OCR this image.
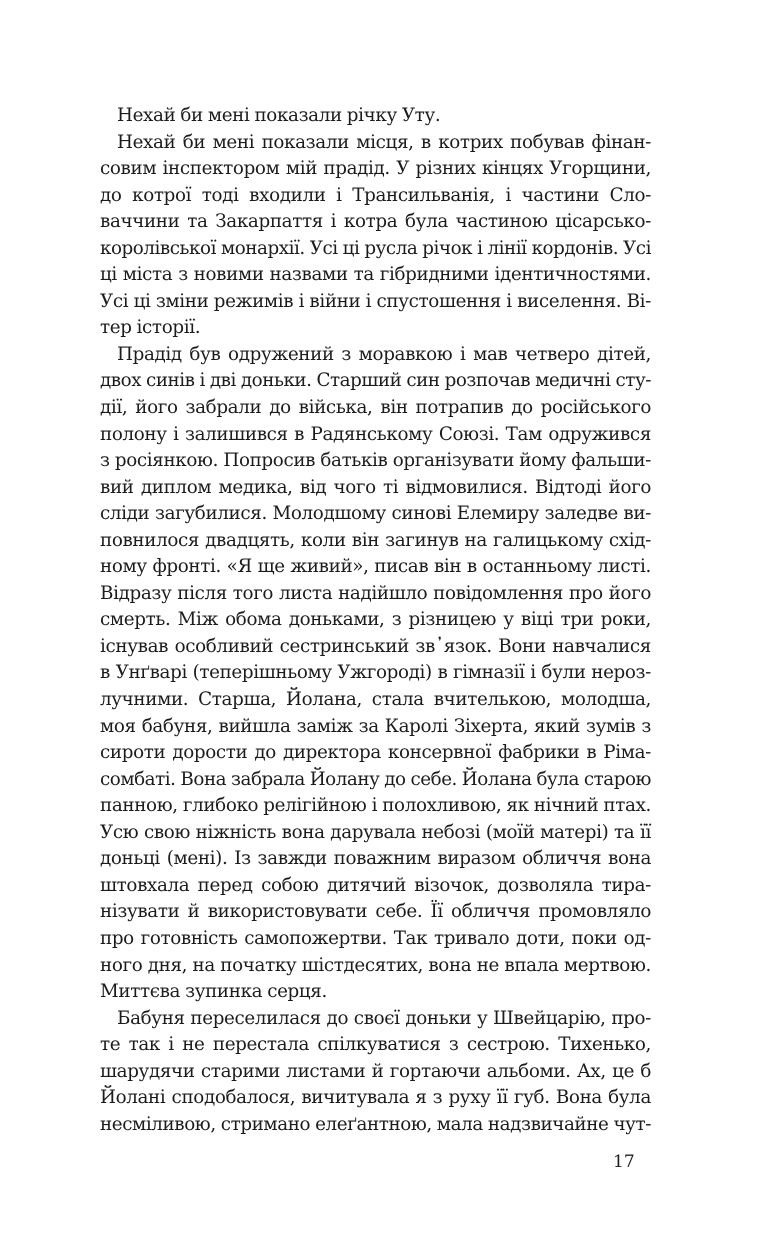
Нехай би мені показали річку Уту.
Нехай би мені показали місця, в котрих побував фінан-
совим інспектором мій прадід. У різних кінцях Угорщини,
до котрої тоді входили і Трансильванія, і частини Сло-
ваччини та Закарпаття і котра була частиною цісарсько-
королівської монархії. Усі ці русла річок і лінії кордонів. Усі
ці міста з новими назвами та гібридними ідентичностями.
Усі ці зміни режимів і війни і спустошення і виселення. Ві-
тер історії.
Прадід був одружений з моравкою і мав четверо дітей,
двох синів і дві доньки. Старший син розпочав медичні сту-
дії, його забрали до війська, він потрапив до російського
полону і залишився в Радянському Союзі. Там одружився
з росіянкою. Попросив батьків організувати йому фальши-
вий диплом медика, від чого ті відмовилися. Відтоді його
сліди загубилися. Молодшому синові Елемиру заледве ви-
повнилося двадцять, коли він загинув на галицькому схід-
ному фронті. «Я ще живий», писав він в останньому листі.
Відразу після того листа надійшло повідомлення про його
смерть. Між обома доньками, з різницею у віці три роки,
існував особливий сестринський зв᾽язок. Вони навчалися
в Унґварі (теперішньому Ужгороді) в гімназії і були нероз-
лучними. Старша, Йолана, стала вчителькою, молодша,
моя бабуня, вийшла заміж за Каролі Зіхерта, який зумів з
сироти дорости до директора консервної фабрики в Ріма-
сомбаті. Вона забрала Йолану до себе. Йолана була старою
панною, глибоко релігійною і полохливою, як нічний птах.
Усю свою ніжність вона дарувала небозі (моїй матері) та її
доньці (мені). Із завжди поважним виразом обличчя вона
штовхала перед собою дитячий візочок, дозволяла тира-
нізувати й використовувати себе. Її обличчя промовляло
про готовність самопожертви. Так тривало доти, поки од-
ного дня, на початку шістдесятих, вона не впала мертвою.
Миттєва зупинка серця.
Бабуня переселилася до своєї доньки у Швейцарію, про-
те так і не перестала спілкуватися з сестрою. Тихенько,
шарудячи старими листами й гортаючи альбоми. Ах, це б
Йолані сподобалося, вичитувала я з руху її губ. Вона була
несміливою, стримано елеґантною, мала надзвичайне чут-
17
